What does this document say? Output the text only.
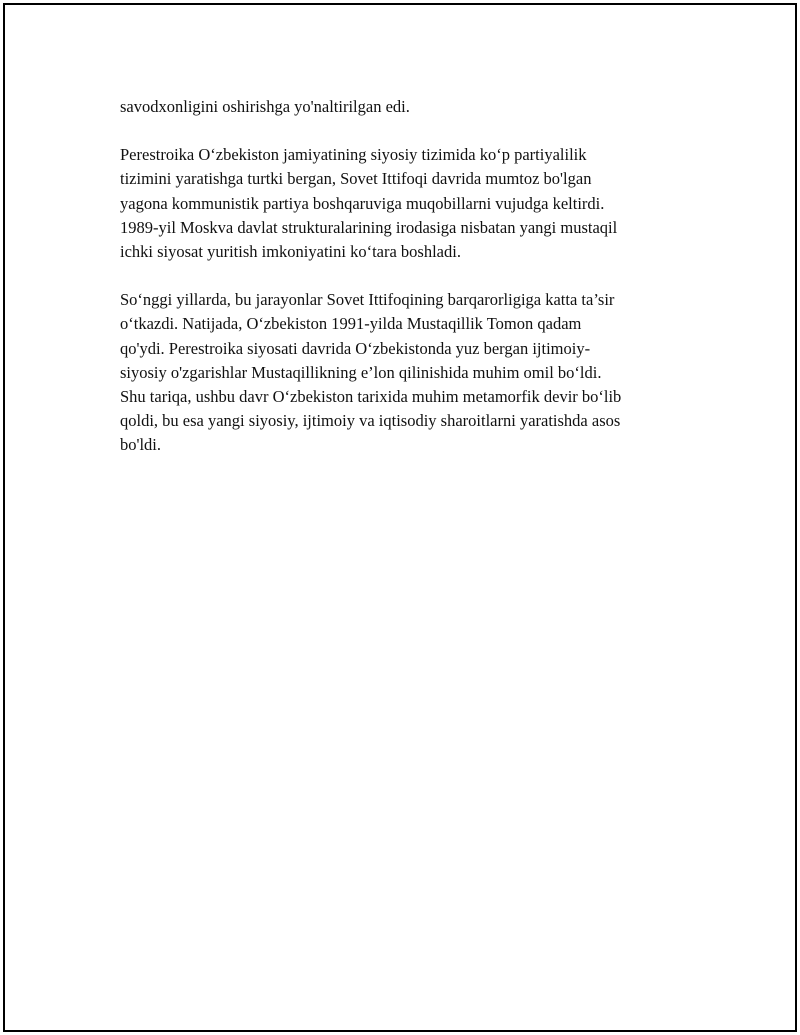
savodxonligini oshirishga yo'naltirilgan edi.

Perestroika O‘zbekiston jamiyatining siyosiy tizimida ko‘p partiyalilik
tizimini yaratishga turtki bergan, Sovet Ittifoqi davrida mumtoz bo'lgan
yagona kommunistik partiya boshqaruviga muqobillarni vujudga keltirdi.
1989-yil Moskva davlat strukturalarining irodasiga nisbatan yangi mustaqil
ichki siyosat yuritish imkoniyatini ko‘tara boshladi.

So‘nggi yillarda, bu jarayonlar Sovet Ittifoqining barqarorligiga katta ta’sir
o‘tkazdi. Natijada, O‘zbekiston 1991-yilda Mustaqillik Tomon qadam
qo'ydi. Perestroika siyosati davrida O‘zbekistonda yuz bergan ijtimoiy-
siyosiy o'zgarishlar Mustaqillikning e’lon qilinishida muhim omil bo‘ldi.
Shu tariqa, ushbu davr O‘zbekiston tarixida muhim metamorfik devir bo‘lib
qoldi, bu esa yangi siyosiy, ijtimoiy va iqtisodiy sharoitlarni yaratishda asos
bo'ldi.
